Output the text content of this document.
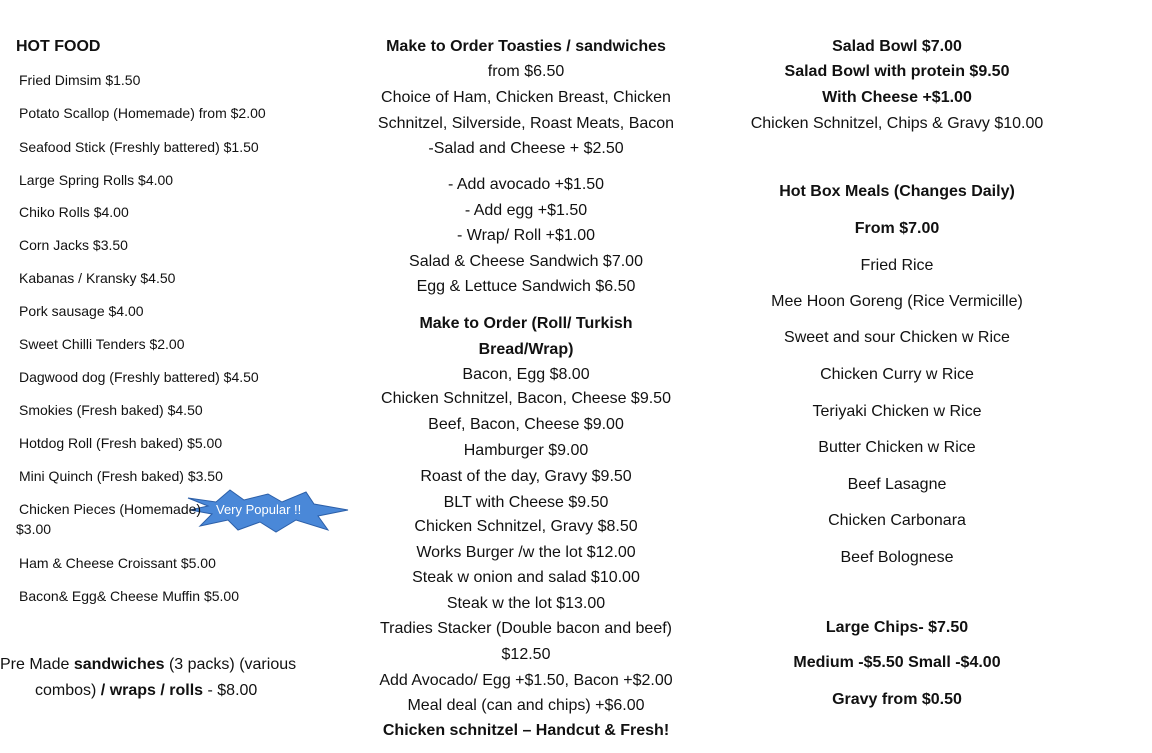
HOT FOOD
Fried Dimsim $1.50
Potato Scallop (Homemade) from $2.00
Seafood Stick (Freshly battered) $1.50
Large Spring Rolls $4.00
Chiko Rolls $4.00
Corn Jacks $3.50
Kabanas / Kransky $4.50
Pork sausage $4.00
Sweet Chilli Tenders $2.00
Dagwood dog (Freshly battered) $4.50
Smokies (Fresh baked) $4.50
Hotdog Roll (Fresh baked) $5.00
Mini Quinch (Fresh baked) $3.50
Very Popular !!
Chicken Pieces (Homemade)
$3.00
Ham & Cheese Croissant $5.00
Bacon& Egg& Cheese Muffin $5.00
Pre Made sandwiches (3 packs) (various
combos) / wraps / rolls - $8.00
Make to Order Toasties / sandwiches
from $6.50
Choice of Ham, Chicken Breast, Chicken
Schnitzel, Silverside, Roast Meats, Bacon
-Salad and Cheese + $2.50
- Add avocado +$1.50
- Add egg +$1.50
- Wrap/ Roll +$1.00
Salad & Cheese Sandwich $7.00
Egg & Lettuce Sandwich $6.50
Make to Order (Roll/ Turkish
Bread/Wrap)
Bacon, Egg $8.00
Chicken Schnitzel, Bacon, Cheese $9.50
Beef, Bacon, Cheese $9.00
Hamburger $9.00
Roast of the day, Gravy $9.50
BLT with Cheese $9.50
Chicken Schnitzel, Gravy $8.50
Works Burger /w the lot $12.00
Steak w onion and salad $10.00
Steak w the lot $13.00
Tradies Stacker (Double bacon and beef)
$12.50
Add Avocado/ Egg +$1.50, Bacon +$2.00
Meal deal (can and chips) +$6.00
Chicken schnitzel – Handcut & Fresh!
Salad Bowl $7.00
Salad Bowl with protein $9.50
With Cheese +$1.00
Chicken Schnitzel, Chips & Gravy $10.00
Hot Box Meals (Changes Daily)
From $7.00
Fried Rice
Mee Hoon Goreng (Rice Vermicille)
Sweet and sour Chicken w Rice
Chicken Curry w Rice
Teriyaki Chicken w Rice
Butter Chicken w Rice
Beef Lasagne
Chicken Carbonara
Beef Bolognese
Large Chips- $7.50
Medium -$5.50 Small -$4.00
Gravy from $0.50
